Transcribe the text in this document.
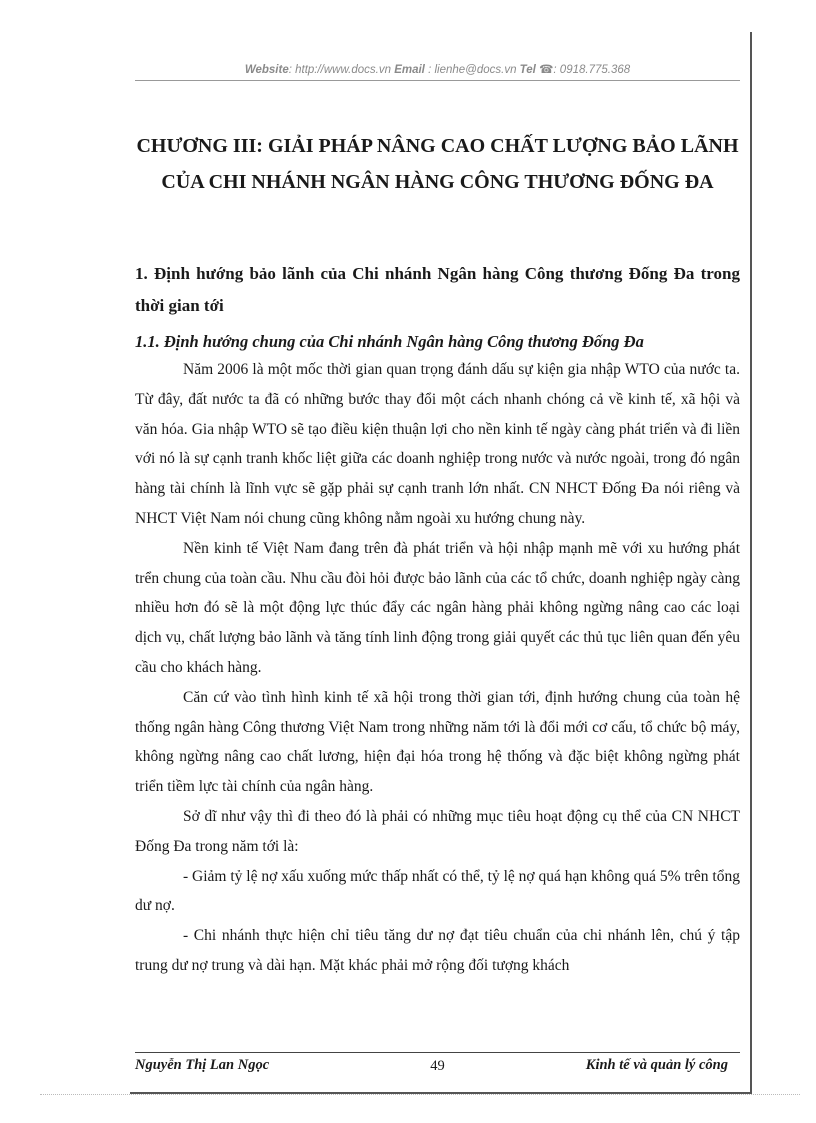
Website: http://www.docs.vn Email : lienhe@docs.vn Tel ☎: 0918.775.368
CHƯƠNG III: GIẢI PHÁP NÂNG CAO CHẤT LƯỢNG BẢO LÃNH CỦA CHI NHÁNH NGÂN HÀNG CÔNG THƯƠNG ĐỐNG ĐA
1. Định hướng bảo lãnh của Chi nhánh Ngân hàng Công thương Đống Đa trong thời gian tới
1.1. Định hướng chung của Chi nhánh Ngân hàng Công thương Đống Đa

Năm 2006 là một mốc thời gian quan trọng đánh dấu sự kiện gia nhập WTO của nước ta. Từ đây, đất nước ta đã có những bước thay đổi một cách nhanh chóng cả về kinh tế, xã hội và văn hóa. Gia nhập WTO sẽ tạo điều kiện thuận lợi cho nền kinh tế ngày càng phát triển và đi liền với nó là sự cạnh tranh khốc liệt giữa các doanh nghiệp trong nước và nước ngoài, trong đó ngân hàng tài chính là lĩnh vực sẽ gặp phải sự cạnh tranh lớn nhất. CN NHCT Đống Đa nói riêng và NHCT Việt Nam nói chung cũng không nằm ngoài xu hướng chung này.

Nền kinh tế Việt Nam đang trên đà phát triển và hội nhập mạnh mẽ với xu hướng phát trển chung của toàn cầu. Nhu cầu đòi hỏi được bảo lãnh của các tổ chức, doanh nghiệp ngày càng nhiều hơn đó sẽ là một động lực thúc đẩy các ngân hàng phải không ngừng nâng cao các loại dịch vụ, chất lượng bảo lãnh và tăng tính linh động trong giải quyết các thủ tục liên quan đến yêu cầu cho khách hàng.

Căn cứ vào tình hình kinh tế xã hội trong thời gian tới, định hướng chung của toàn hệ thống ngân hàng Công thương Việt Nam trong những năm tới là đổi mới cơ cấu, tổ chức bộ máy, không ngừng nâng cao chất lương, hiện đại hóa trong hệ thống và đặc biệt không ngừng phát triển tiềm lực tài chính của ngân hàng.

Sở dĩ như vậy thì đi theo đó là phải có những mục tiêu hoạt động cụ thể của CN NHCT Đống Đa trong năm tới là:

- Giảm tỷ lệ nợ xấu xuống mức thấp nhất có thể, tỷ lệ nợ quá hạn không quá 5% trên tổng dư nợ.

- Chi nhánh thực hiện chỉ tiêu tăng dư nợ đạt tiêu chuẩn của chi nhánh lên, chú ý tập trung dư nợ trung và dài hạn. Mặt khác phải mở rộng đối tượng khách

Nguyễn Thị Lan Ngọc	49	Kinh tế và quản lý công
